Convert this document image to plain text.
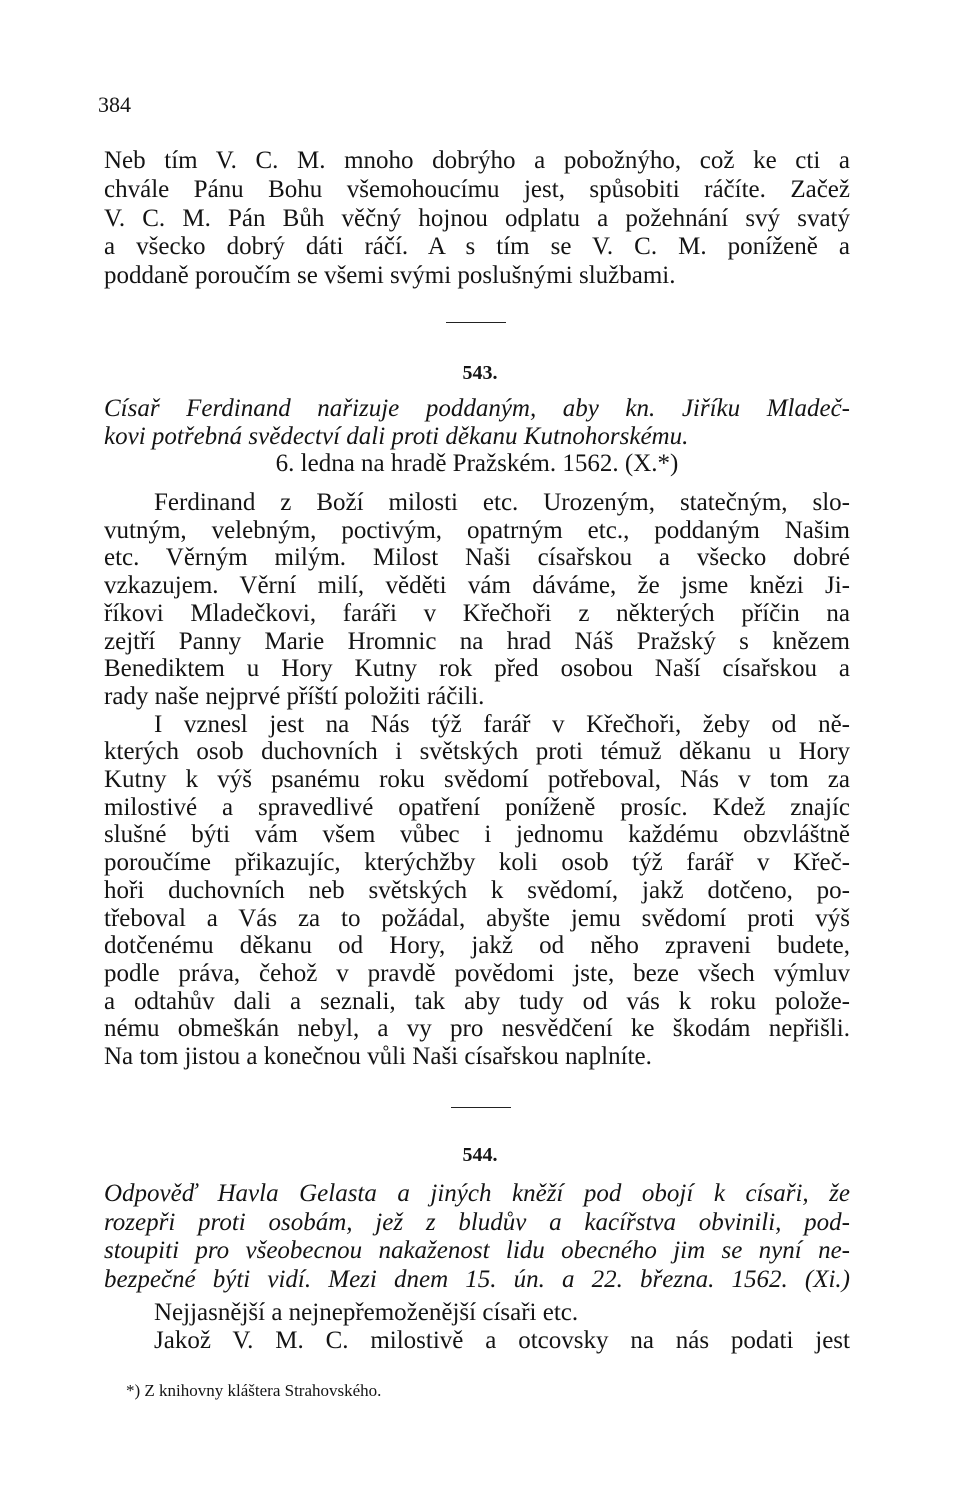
384
Neb tím V. C. M. mnoho dobrýho a pobožnýho, což ke cti a
chvále Pánu Bohu všemohoucímu jest, spůsobiti ráčíte. Začež
V. C. M. Pán Bůh věčný hojnou odplatu a požehnání svý svatý
a všecko dobrý dáti ráčí. A s tím se V. C. M. poníženě a
poddaně poroučím se všemi svými poslušnými službami.
543.
Císař Ferdinand nařizuje poddaným, aby kn. Jiříku Mladeč-
kovi potřebná svědectví dali proti děkanu Kutnohorskému.
6. ledna na hradě Pražském. 1562. (X.*)
Ferdinand z Boží milosti etc. Urozeným, statečným, slo-
vutným, velebným, poctivým, opatrným etc., poddaným Našim
etc. Věrným milým. Milost Naši císařskou a všecko dobré
vzkazujem. Věrní milí, věděti vám dáváme, že jsme knězi Ji-
říkovi Mladečkovi, faráři v Křečhoři z některých příčin na
zejtří Panny Marie Hromnic na hrad Náš Pražský s knězem
Benediktem u Hory Kutny rok před osobou Naší císařskou a
rady naše nejprvé příští položiti ráčili.
I vznesl jest na Nás týž farář v Křečhoři, žeby od ně-
kterých osob duchovních i světských proti témuž děkanu u Hory
Kutny k výš psanému roku svědomí potřeboval, Nás v tom za
milostivé a spravedlivé opatření poníženě prosíc. Kdež znajíc
slušné býti vám všem vůbec i jednomu každému obzvláštně
poroučíme přikazujíc, kterýchžby koli osob týž farář v Křeč-
hoři duchovních neb světských k svědomí, jakž dotčeno, po-
třeboval a Vás za to požádal, abyšte jemu svědomí proti výš
dotčenému děkanu od Hory, jakž od něho zpraveni budete,
podle práva, čehož v pravdě povědomi jste, beze všech výmluv
a odtahův dali a seznali, tak aby tudy od vás k roku polože-
nému obmeškán nebyl, a vy pro nesvědčení ke škodám nepřišli.
Na tom jistou a konečnou vůli Naši císařskou naplníte.
544.
Odpověď Havla Gelasta a jiných kněží pod obojí k císaři, že
rozepři proti osobám, jež z bludův a kacířstva obvinili, pod-
stoupiti pro všeobecnou nakaženost lidu obecného jim se nyní ne-
bezpečné býti vidí. Mezi dnem 15. ún. a 22. března. 1562. (Xi.)
Nejjasnější a nejnepřemoženější císaři etc.
Jakož V. M. C. milostivě a otcovsky na nás podati jest
*) Z knihovny kláštera Strahovského.
